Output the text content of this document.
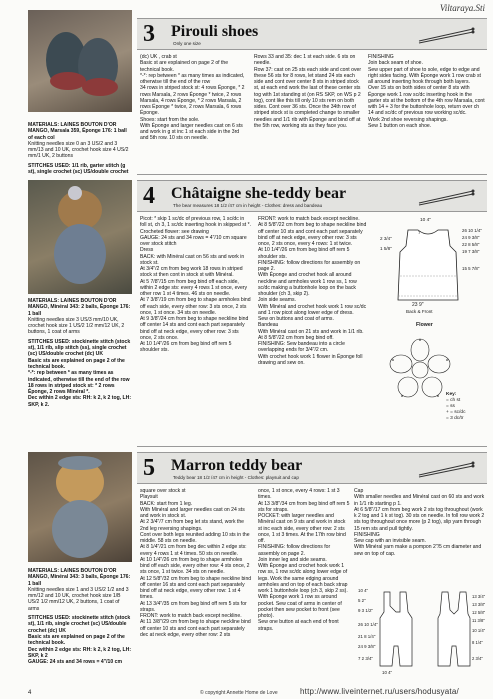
Viltaraya.Sti

MATERIALS: LAINES BOUTON D'OR MANGO, Marsala 359, Éponge 176: 1 ball of each col

Knitting needles size 0 an 3 US/2 and 3 mm/13 and 10 UK, crochet hook size 4 US/2 mm/1 UK, 2 buttons

STITCHES USED: 1/1 rib, garter stitch (g st), single crochet (sc) US/double crochet

3 Pirouli shoes
Only one size

(dc) UK , crab st
Basic st are explained on page 2 of the technical book.
*-*: rep between * as many times as indicated, otherwise till the end of the row
34 rows in striped stock st: 4 rows Éponge, * 2 rows Marsala, 2 rows Éponge * twice, 2 rows Marsala, 4 rows Éponge, * 2 rows Marsala, 2 rows Éponge * twice, 2 rows Marsala, 6 rows Éponge.
Shoes: start from the sole.
With Éponge and larger needles cast on 6 sts and work in g st inc 1 st each side in the 3rd and 5th row. 10 sts on needle.

Rows 33 and 35: dec 1 st each side. 6 sts on needle.
Row 37: cast on 25 sts each side and cont over these 56 sts for 8 rows, let stand 24 sts each side and cont over center 8 sts in striped stock st, at each end work the last of these center sts tog with 1st standing st (on RS SKP, on WS p 2 tog), cont like this till only 10 sts rem on both sides. Cont over 36 sts. Once the 34th row of striped stock st is completed change to smaller needles and 1/1 rib with Éponge and bind off at the 5th row, working sts as they face you.

FINISHING
Join back seam of shoe.
Sew upper part of shoe to sole, edge to edge and right sides facing. With Éponge work 1 row crab st all around inserting hook through both layers.
Over 15 sts on both sides of center 8 sts with Éponge work 1 row sc/dc inserting hook in the garter sts at the bottom of the 4th row Marsala, cont with 14 + 3 for the buttonhole loop, return over ch 14 and sc/dc of previous row working sc/dc.
Work 2nd shoe reversing shapings.
Sew 1 button on each shoe.

MATERIALS: LAINES BOUTON D'OR MANGO, Minéral 343: 2 balls, Éponge 176: 1 ball

Knitting needles size 3 US/3 mm/10 UK, crochet hook size 1 US/2 1/2 mm/12 UK, 2 buttons, 1 coat of arms

STITCHES USED: stockinette stitch (stock st), 1/1 rib, slip stitch (ss), single crochet (sc) US/double crochet (dc) UK
Basic sts are explained on page 2 of the technical book.
*-*: rep between * as many times as indicated, otherwise till the end of the row
18 rows in striped stock st: * 2 rows Éponge, 2 rows Minéral *.
Dec within 2 edge sts: RH: k 2, k 2 tog, LH: SKP, k 2.

4 Châtaigne she-teddy bear
The bear measures 18 1/2 /47 cm in height - Clothes: dress and bandeau

Picot: * skip 1 sc/dc of previous row, 1 sc/dc in foll st, ch 3, 1 sc/dc inserting hook in skipped st *.
Crocheted flower: see drawing
GAUGE: 24 sts and 34 rows = 4"/10 cm square over stock stitch
Dress
BACK: with Minéral cast on 56 sts and work in stock st.
At 3/4"/2 cm from beg work 18 rows in striped stock st then cont in stock st with Minéral.
At 5 7/8"/15 cm from beg bind off each side, within 2 edge sts: every 4 rows 1 st once, every other row 1 st 4 times. 46 sts on needle.
At 7 3/8"/19 cm from beg to shape armholes bind off each side, every other row: 3 sts once, 2 sts once, 1 st once. 34 sts on needle.
At 9 3/8"/24 cm from beg to shape neckline bind off center 14 sts and cont each part separately bind off at neck edge, every other row: 3 sts once, 2 sts once.
At 10 1/4"/26 cm from beg bind off rem 5 shoulder sts.

FRONT: work to match back except neckline.
At 8 5/8"/22 cm from beg to shape neckline bind off center 10 sts and cont each part separately bind off at neck edge, every other row: 3 sts once, 2 sts once, every 4 rows: 1 st twice.
At 10 1/4"/26 cm from beg bind off rem 5 shoulder sts.
FINISHING: follow directions for assembly on page 2.
With Éponge and crochet hook all around neckline and armholes work 1 row ss, 1 row sc/dc making a buttonhole loop on the back shoulder (ch 3, skip 2).
Join side seams.
With Minéral and crochet hook work 1 row sc/dc and 1 row picot along lower edge of dress.
Sew on buttons and coat of arms.
Bandeau
With Minéral cast on 21 sts and work in 1/1 rib.
At 8 5/8"/22 cm from beg bind off.
FINISHING: Sew bandeau into a circle overlapping ends for 3/4"/2 cm.
With crochet hook work 1 flower in Éponge foll drawing and sew on.

10 4"
2 3/4"
7
1 5/8"
26 10 1/4"
24 9 3/8"
22 8 5/8"
19 7 3/8"
15 5 7/8"
23 9"
Back & Front
Flower
Key:
= ch st
= ss
+ = sc/dc
= 3 dc/tr

MATERIALS: LAINES BOUTON D'OR MANGO, Minéral 343: 3 balls, Éponge 176: 1 ball

Knitting needles size 1 and 3 US/2 1/2 and 3 mm/12 and 10 UK, crochet hook size 1/B US/2 1/2 mm/12 UK, 2 buttons, 1 coat of arms

STITCHES USED: stockinette stitch (stock st), 1/1 rib, single crochet (sc) US/double crochet (dc) UK
Basic sts are explained on page 2 of the technical book.
Dec within 2 edge sts: RH: k 2, k 2 tog, LH: SKP, k 2
GAUGE: 24 sts and 34 rows = 4"/10 cm

5 Marron teddy bear
Teddy bear 18 1/2 /47 cm in height - Clothes: playsuit and cap

square over stock st
Playsuit
BACK: start from 1 leg.
With Minéral and larger needles cast on 24 sts and work in stock st.
At 2 3/4"/7 cm from beg let sts stand, work the 2nd leg reversing shapings.
Cont over both legs reunited adding 10 sts in the middle. 58 sts on needle.
At 8 1/4"/21 cm from beg dec within 2 edge sts: every 4 rows 1 st 4 times. 50 sts on needle.
At 10 1/4"/26 cm from beg to shape armholes bind off each side, every other row: 4 sts once, 2 sts once, 1 st twice. 34 sts on needle.
At 12 5/8"/32 cm from beg to shape neckline bind off center 16 sts and cont each part separately bind off at neck edge, every other row: 1 st 4 times.
At 13 3/4"/35 cm from beg bind off rem 5 sts for straps.
FRONT: work to match back except neckline.
At 11 3/8"/29 cm from beg to shape neckline bind off center 10 sts and cont each part separately dec at neck edge, every other row: 2 sts

once, 1 st once, every 4 rows: 1 st 3 times.
At 13 3/8"/34 cm from beg bind off rem 5 sts for straps.
POCKET: with larger needles and Minéral cast on 9 sts and work in stock st inc each side, every other row: 2 sts once, 1 st 3 times. At the 17th row bind off.
FINISHING: follow directions for assembly on page 2.
Join inner leg and side seams.
With Éponge and crochet hook work 1 row ss, 1 row sc/dc along lower edge of legs. Work the same edging around armholes and on top of each back strap work 1 buttonhole loop (ch 3, skip 2 ss).
With Éponge work 1 row ss around pocket. Sew coat of arms in center of pocket then sew pocket to front (see photo).
Sew one button at each end of front straps.

Cap
With smaller needles and Minéral cast on 60 sts and work in 1/1 rib starting p 1.
At 6 5/8"/17 cm from beg work 2 sts tog throughout (work k 2 tog and 1 k st tog). 30 sts on needle. In foll row work 2 sts tog throughout once more (p 2 tog), slip yarn through 15 rem sts and pull tightly.
FINISHING
Sew cap with an invisible seam.
With Minéral yarn make a pompon 2"/5 cm diameter and sew on top of cap.

10 4"
5 2"
9 3 1/2"
26 10 1/4"
21 8 1/4"
24 9 3/8"
7 2 3/4"
10 4"
13 3/4"
13 3/8"
12 5/8"
11 3/8"
10 1/4"
8 1/4"
2 3/4"
4	© copyright Annette Home de Love	http://www.liveinternet.ru/users/hodusyata/
